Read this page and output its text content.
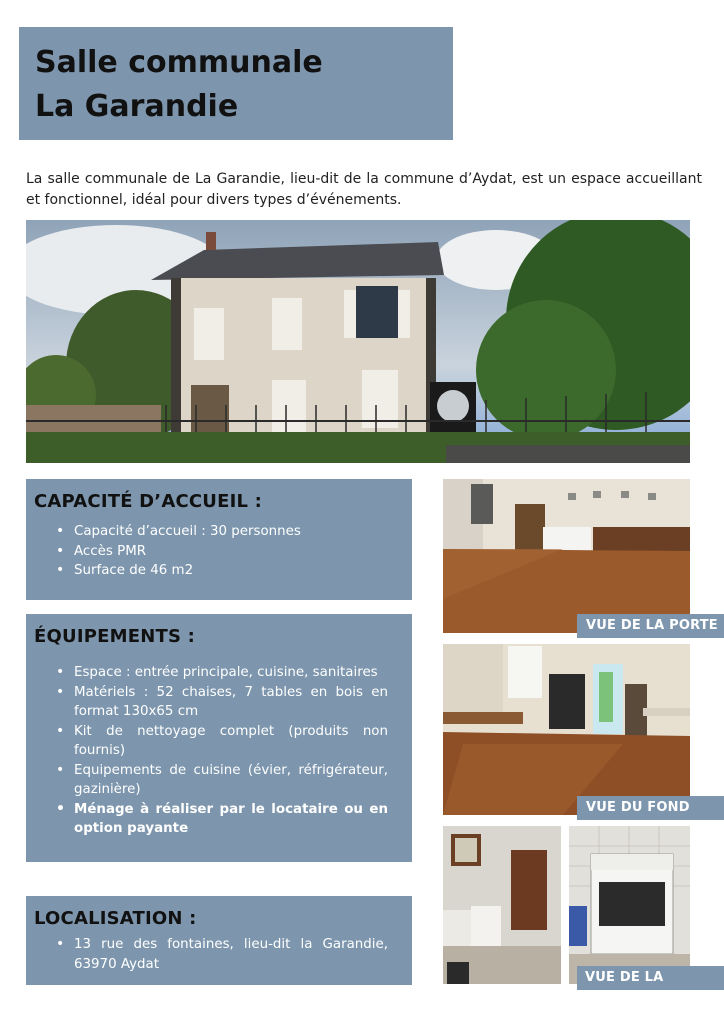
Salle communale
La Garandie

La salle communale de La Garandie, lieu-dit de la commune d’Aydat, est un espace accueillant et fonctionnel, idéal pour divers types d’événements.

CAPACITÉ D’ACCUEIL :
• Capacité d’accueil : 30 personnes
• Accès PMR
• Surface de 46 m2
ÉQUIPEMENTS :
• Espace : entrée principale, cuisine, sanitaires
• Matériels : 52 chaises, 7 tables en bois en format 130x65 cm
• Kit de nettoyage complet (produits non fournis)
• Equipements de cuisine (évier, réfrigérateur, gazinière)
• Ménage à réaliser par le locataire ou en option payante
LOCALISATION :
• 13 rue des fontaines, lieu-dit la Garandie, 63970 Aydat
VUE DE LA PORTE
VUE DU FOND
VUE DE LA CUISINE
